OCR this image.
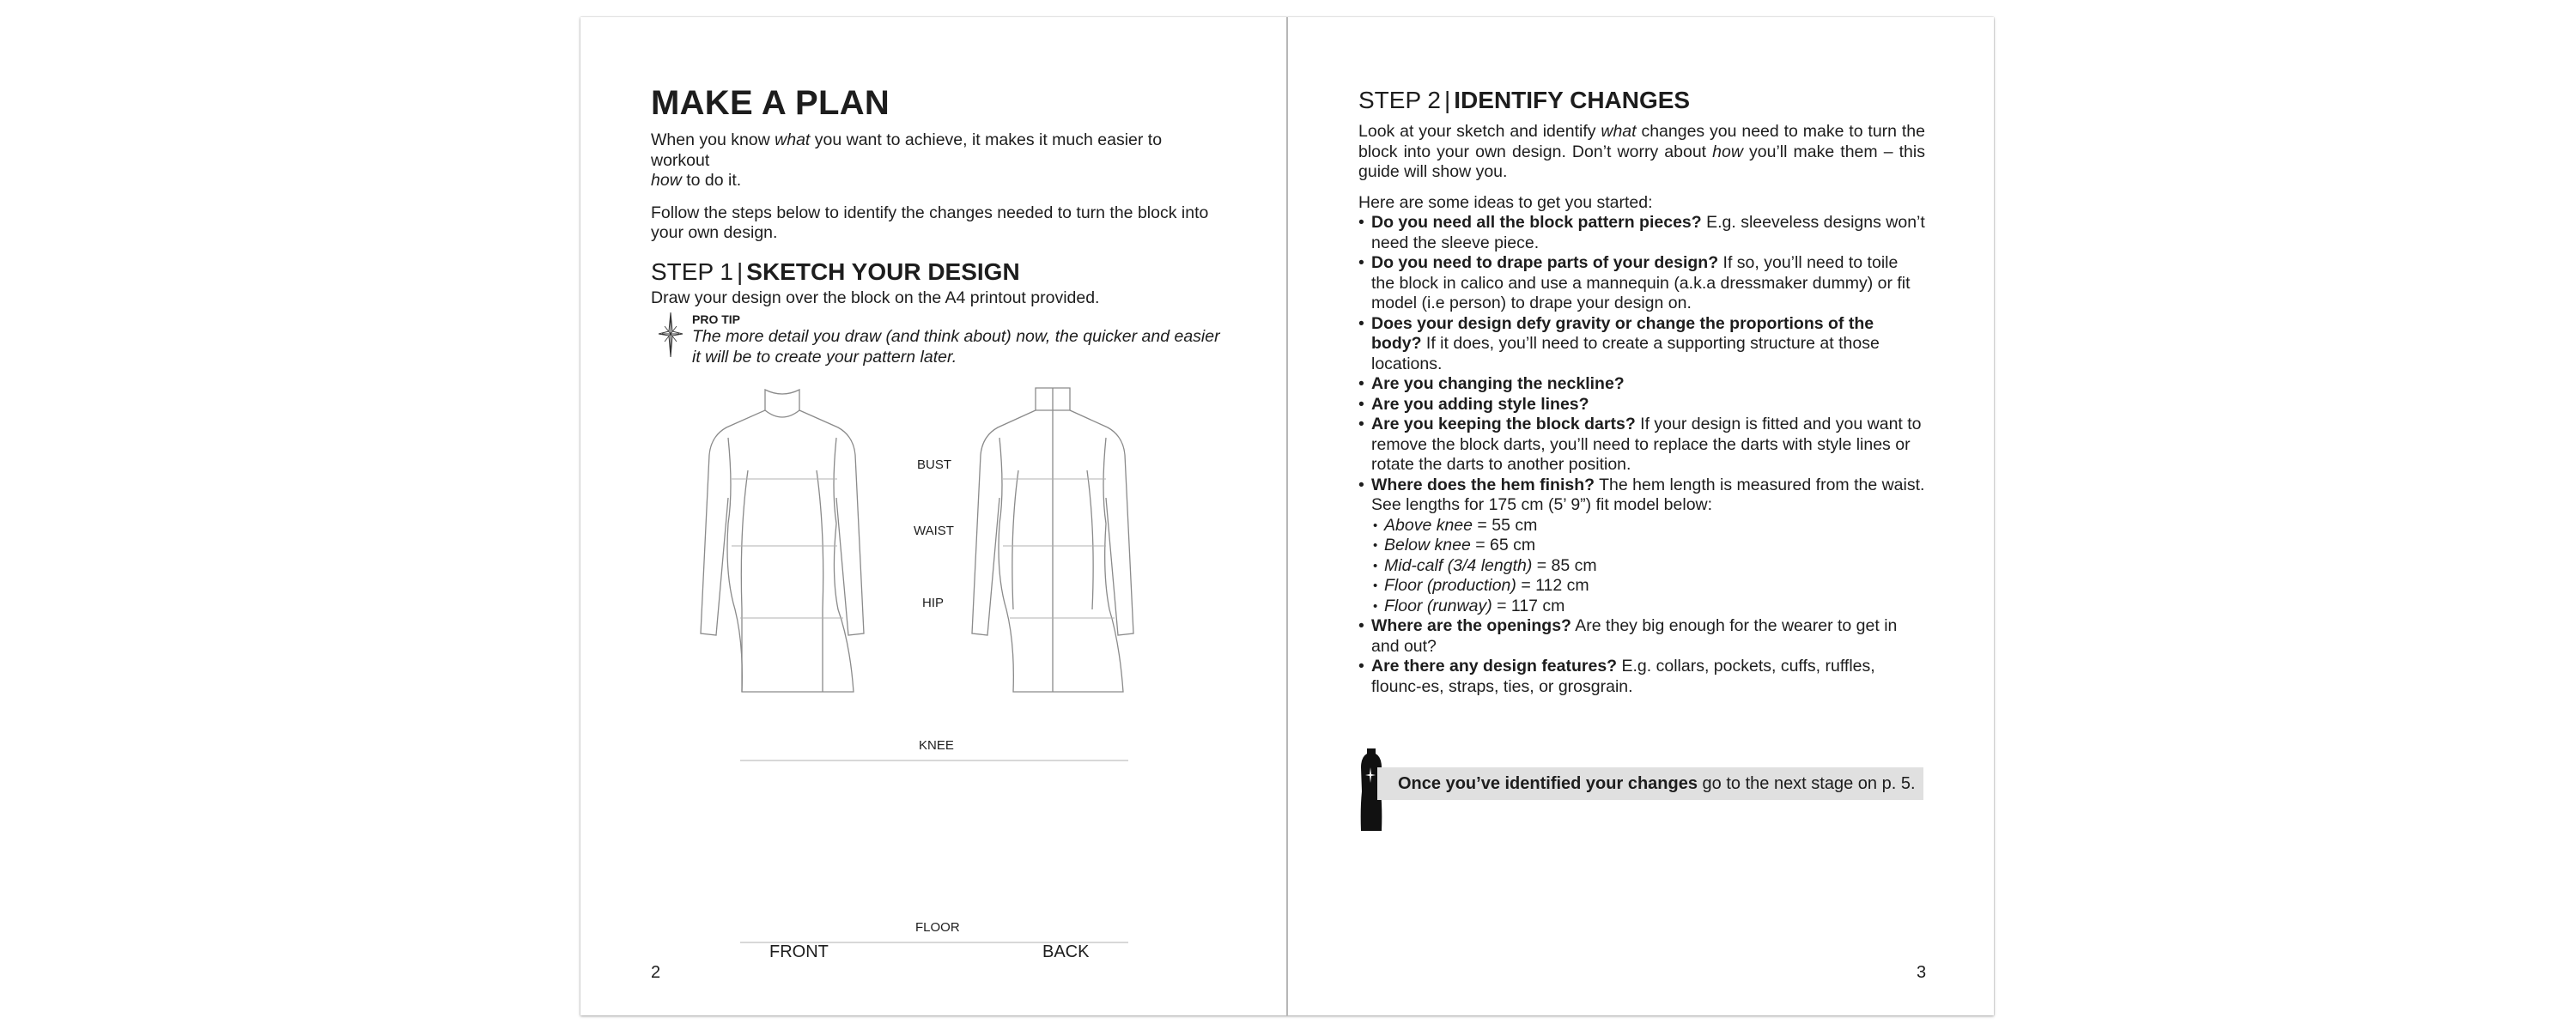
MAKE A PLAN

When you know what you want to achieve, it makes it much easier to workout
how to do it.

Follow the steps below to identify the changes needed to turn the block into your own design.

STEP 1 | SKETCH YOUR DESIGN

Draw your design over the block on the A4 printout provided.

PRO TIP
The more detail you draw (and think about) now, the quicker and easier it will be to create your pattern later.
BUST
WAIST
HIP
KNEE
FLOOR
FRONT	BACK
2
STEP 2 | IDENTIFY CHANGES

Look at your sketch and identify what changes you need to make to turn the block into your own design. Don’t worry about how you’ll make them – this guide will show you.

Here are some ideas to get you started:

• Do you need all the block pattern pieces? E.g. sleeveless designs won’t need the sleeve piece.
• Do you need to drape parts of your design? If so, you’ll need to toile the block in calico and use a mannequin (a.k.a dressmaker dummy) or fit model (i.e person) to drape your design on.
• Does your design defy gravity or change the proportions of the body? If it does, you’ll need to create a supporting structure at those locations.
• Are you changing the neckline?
• Are you adding style lines?
• Are you keeping the block darts? If your design is fitted and you want to remove the block darts, you’ll need to replace the darts with style lines or rotate the darts to another position.
• Where does the hem finish? The hem length is measured from the waist. See lengths for 175 cm (5’ 9”) fit model below:
• Above knee = 55 cm
• Below knee = 65 cm
• Mid-calf (3/4 length) = 85 cm
• Floor (production) = 112 cm
• Floor (runway) = 117 cm
• Where are the openings? Are they big enough for the wearer to get in and out?
• Are there any design features? E.g. collars, pockets, cuffs, ruffles, flounc-es, straps, ties, or grosgrain.
Once you’ve identified your changes go to the next stage on p. 5.
3
